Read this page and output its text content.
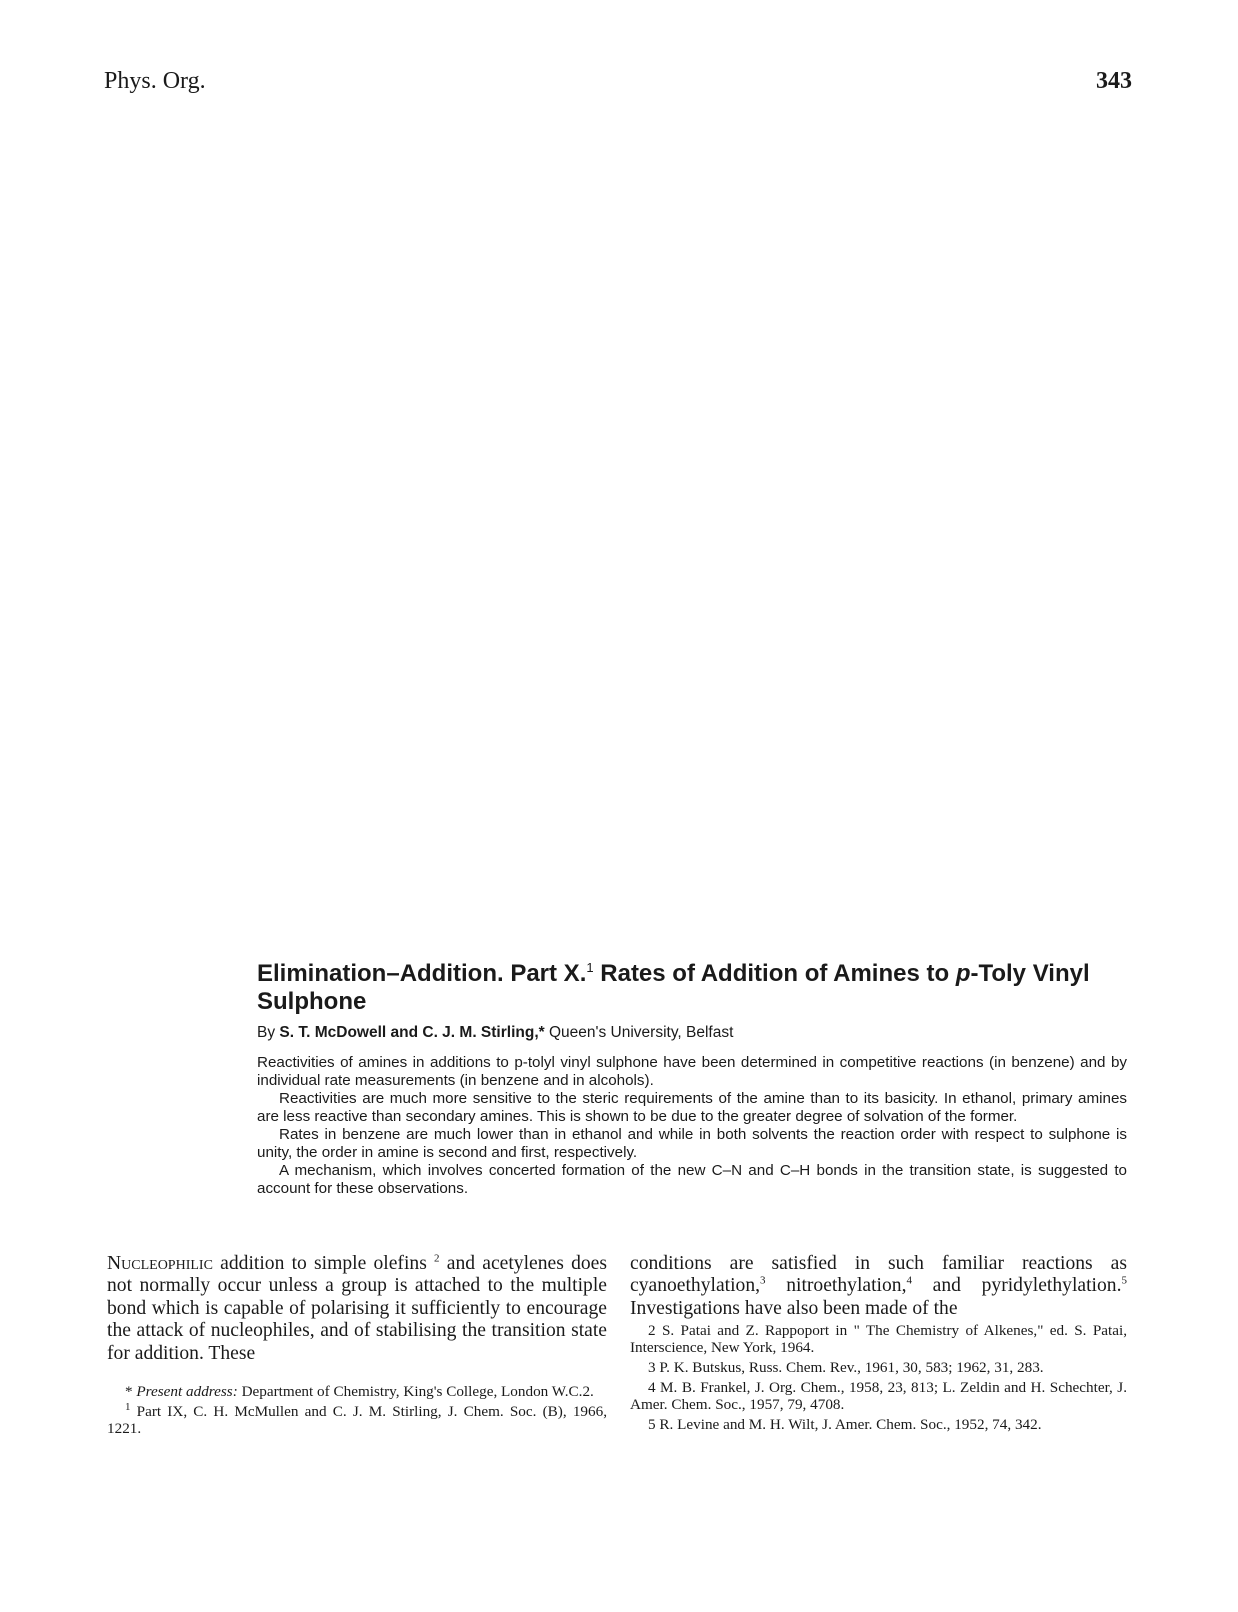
Phys. Org.	343
Elimination–Addition. Part X.$^1$ Rates of Addition of Amines to p-Toly Vinyl Sulphone
By S. T. McDowell and C. J. M. Stirling,* Queen's University, Belfast

Reactivities of amines in additions to p-tolyl vinyl sulphone have been determined in competitive reactions (in benzene) and by individual rate measurements (in benzene and in alcohols).

Reactivities are much more sensitive to the steric requirements of the amine than to its basicity. In ethanol, primary amines are less reactive than secondary amines. This is shown to be due to the greater degree of solvation of the former.

Rates in benzene are much lower than in ethanol and while in both solvents the reaction order with respect to sulphone is unity, the order in amine is second and first, respectively.

A mechanism, which involves concerted formation of the new C–N and C–H bonds in the transition state, is suggested to account for these observations.

Nucleophilic addition to simple olefins $^2$ and acetylenes does not normally occur unless a group is attached to the multiple bond which is capable of polarising it sufficiently to encourage the attack of nucleophiles, and of stabilising the transition state for addition. These
conditions are satisfied in such familiar reactions as cyanoethylation,$^3$ nitroethylation,$^4$ and pyridylethylation.$^5$ Investigations have also been made of the

* Present address: Department of Chemistry, King's College, London W.C.2.

$^1$ Part IX, C. H. McMullen and C. J. M. Stirling, J. Chem. Soc. (B), 1966, 1221.

2 S. Patai and Z. Rappoport in " The Chemistry of Alkenes," ed. S. Patai, Interscience, New York, 1964.

3 P. K. Butskus, Russ. Chem. Rev., 1961, 30, 583; 1962, 31, 283.

4 M. B. Frankel, J. Org. Chem., 1958, 23, 813; L. Zeldin and H. Schechter, J. Amer. Chem. Soc., 1957, 79, 4708.

5 R. Levine and M. H. Wilt, J. Amer. Chem. Soc., 1952, 74, 342.
